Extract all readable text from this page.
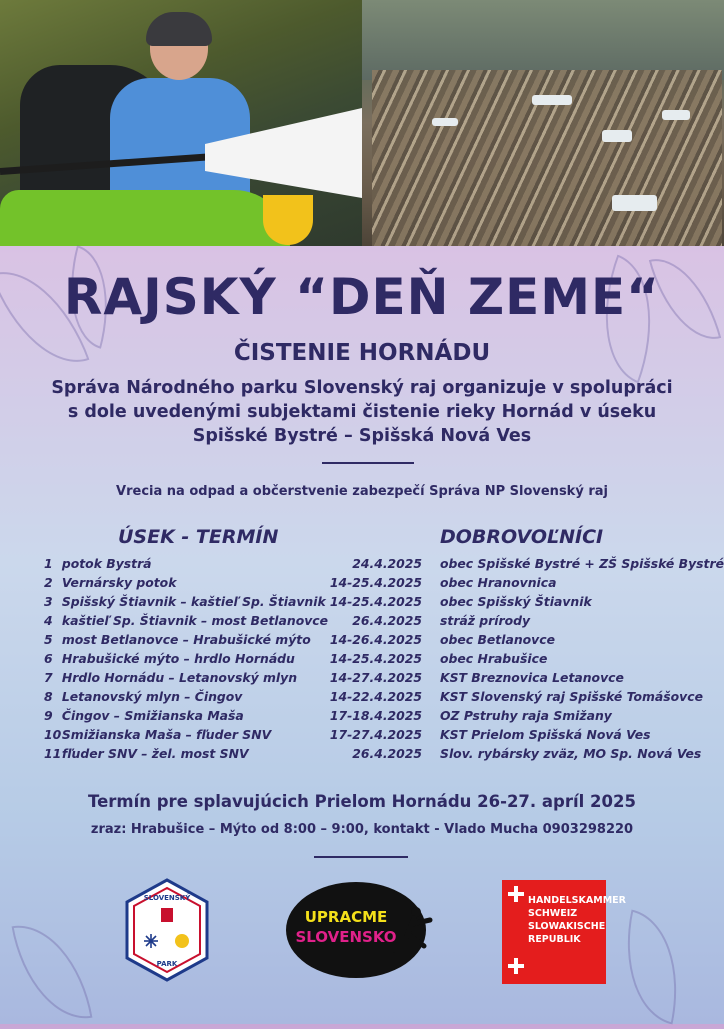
RAJSKÝ “DEŇ ZEME“
ČISTENIE HORNÁDU
Správa Národného parku Slovenský raj organizuje v spolupráci
s dole uvedenými subjektami čistenie rieky Hornád v úseku
Spišské Bystré – Spišská Nová Ves
Vrecia na odpad a občerstvenie zabezpečí Správa NP Slovenský raj
ÚSEK - TERMÍN	DOBROVOĽNÍCI
1	potok Bystrá	24.4.2025	obec Spišské Bystré + ZŠ Spišské Bystré
2	Vernársky potok	14-25.4.2025	obec Hranovnica
3	Spišský Štiavnik – kaštieľ Sp. Štiavnik	14-25.4.2025	obec Spišský Štiavnik
4	kaštieľ Sp. Štiavnik – most Betlanovce	26.4.2025	stráž prírody
5	most Betlanovce – Hrabušické mýto	14-26.4.2025	obec Betlanovce
6	Hrabušické mýto – hrdlo Hornádu	14-25.4.2025	obec Hrabušice
7	Hrdlo Hornádu – Letanovský mlyn	14-27.4.2025	KST Breznovica Letanovce
8	Letanovský mlyn – Čingov	14-22.4.2025	KST Slovenský raj Spišské Tomášovce
9	Čingov – Smižianska Maša	17-18.4.2025	OZ Pstruhy raja Smižany
10	Smižianska Maša – fľuder SNV	17-27.4.2025	KST Prielom Spišská Nová Ves
11	fľuder SNV – žel. most SNV	26.4.2025	Slov. rybársky zväz, MO Sp. Nová Ves
Termín pre splavujúcich Prielom Hornádu 26-27. apríl 2025
zraz: Hrabušice – Mýto od 8:00 – 9:00, kontakt - Vlado Mucha 0903298220
SLOVENSKÝ
PARK
UPRACME
SLOVENSKO
HANDELSKAMMER
SCHWEIZ
SLOWAKISCHE
REPUBLIK
